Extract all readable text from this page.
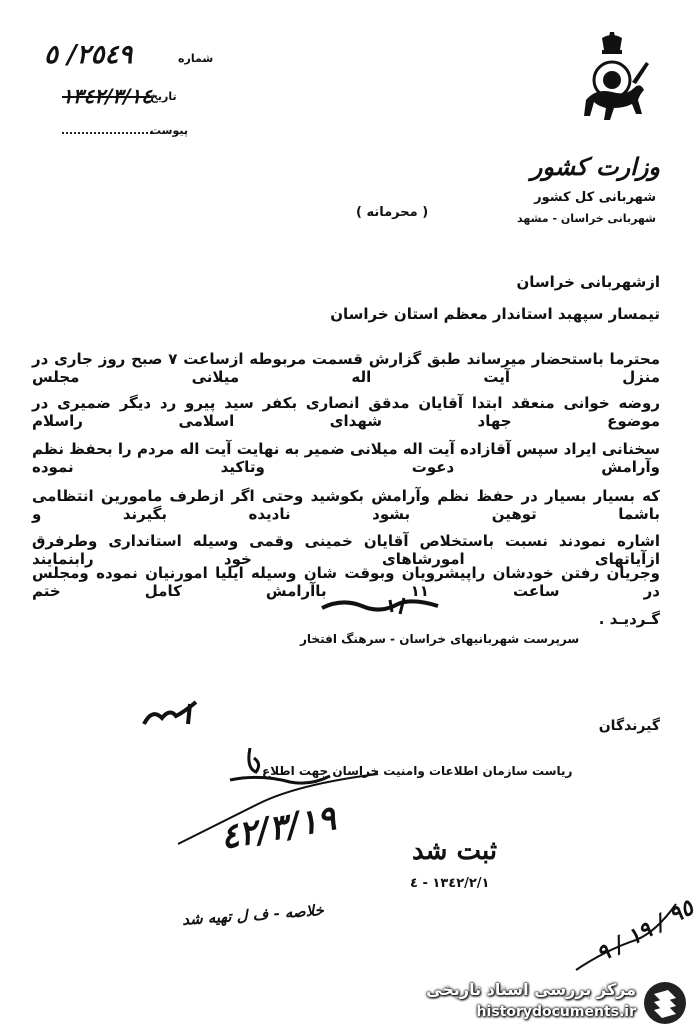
وزارت کشور
شهربانی کل کشور
شهربانی خراسان - مشهد
( محرمانه )
شماره
٢٥٤٩/ ٥
تاریخ
١٣٤٢/٣/١٤
پیوست
ازشهربانی خراسان
تیمسار سپهبد استاندار معظم استان خراسان
محترما باستحضار میرساند طبق گزارش قسمت مربوطه ازساعت ٧ صبح روز جاری در منزل آیت اله میلانی مجلس
روضه خوانی منعقد ابتدا آقایان مدقق انصاری بکفر سید پیرو رد دیگر ضمیری در موضوع جهاد شهدای اسلامی راسلام
سخنانی ایراد سپس آقازاده آیت اله میلانی ضمیر به نهایت آیت اله مردم را بحفظ نظم وآرامش دعوت وتاکید نموده
که بسیار بسیار در حفظ نظم وآرامش بکوشید وحتی اگر ازطرف مامورین انتظامی باشما توهین بشود نادیده بگیرند و
اشاره نمودند نسبت باستخلاص آقایان خمینی وقمی وسیله استانداری وطرفرق ازآیاتهای امورشاهای خود رابنمایند
وجریان رفتن خودشان راپیشرویان وبوقت شان وسیله ایلیا امورنیان نموده ومجلس در ساعت ١١ باآرامش کامل ختم
گـردیـد .
سرپرست شهربانیهای خراسان - سرهنگ افتخار
گیرندگان
ریاست سازمان اطلاعات وامنیت خراسان جهت اطلاع
٤٢/٣/١٩	ثبت شد
١٣٤٢/٢/١ - ٤
خلاصه - ف ل تهیه شد
٩٥ / ١٩ / ٩
مرکز بررسی اسناد تاریخی
historydocuments.ir
